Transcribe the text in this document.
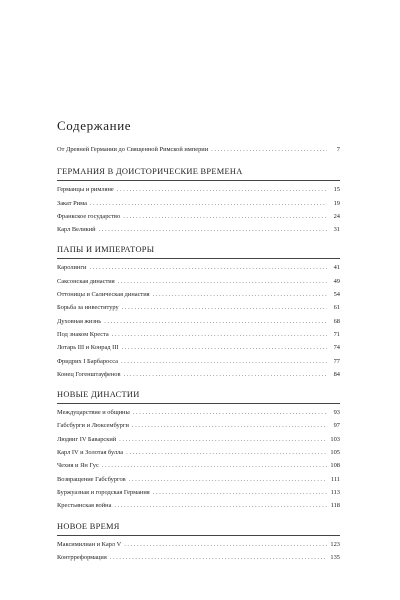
Содержание
От Древней Германии до Священной Римской империи . . .	7
ГЕРМАНИЯ В ДОИСТОРИЧЕСКИЕ ВРЕМЕНА
Германцы и римляне . . .	15
Закат Рима . . .	19
Франкское государство . . .	24
Карл Великий . . .	31
ПАПЫ И ИМПЕРАТОРЫ
Каролинги . . .	41
Саксонская династия . . .	49
Оттоницы и Салическая династия . . .	54
Борьба за инвеституру . . .	61
Духовная жизнь . . .	68
Под знаком Креста . . .	71
Лотарь III и Конрад III . . .	74
Фридрих I Барбаросса . . .	77
Конец Гогенштауфенов . . .	84
НОВЫЕ ДИНАСТИИ
Междуцарствие и общины . . .	93
Габсбурги и Люксембурги . . .	97
Людвиг IV Баварский . . .	103
Карл IV и Золотая булла . . .	105
Чехия и Ян Гус . . .	108
Возвращение Габсбургов . . .	111
Буржуазная и городская Германия . . .	113
Крестьянская война . . .	118
НОВОЕ ВРЕМЯ
Максимилиан и Карл V . . .	123
Контрреформация . . .	135
